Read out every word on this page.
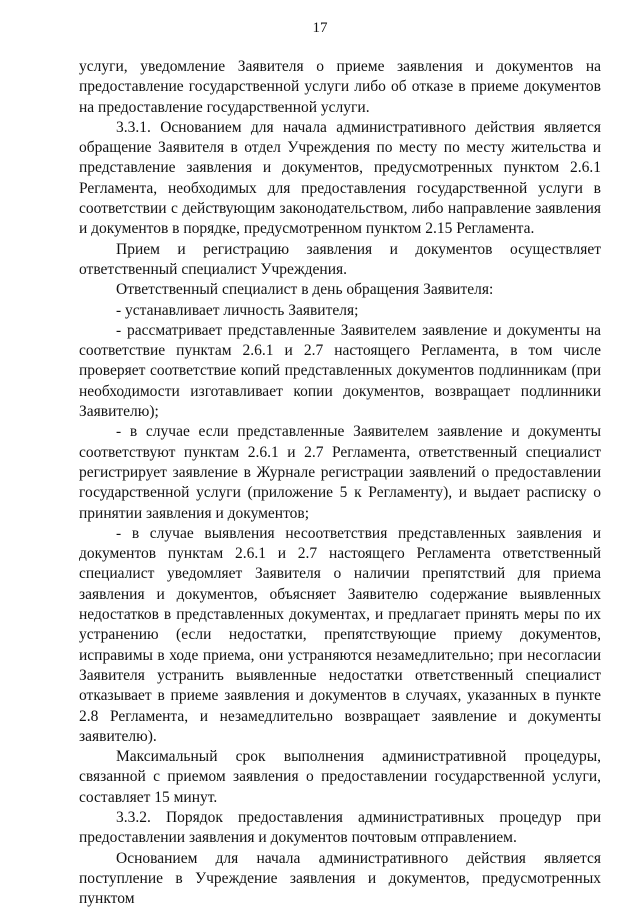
17

услуги, уведомление Заявителя о приеме заявления и документов на предоставление государственной услуги либо об отказе в приеме документов на предоставление государственной услуги.

3.3.1. Основанием для начала административного действия является обращение Заявителя в отдел Учреждения по месту по месту жительства и представление заявления и документов, предусмотренных пунктом 2.6.1 Регламента, необходимых для предоставления государственной услуги в соответствии с действующим законодательством, либо направление заявления и документов в порядке, предусмотренном пунктом 2.15 Регламента.

Прием и регистрацию заявления и документов осуществляет ответственный специалист Учреждения.

Ответственный специалист в день обращения Заявителя:

- устанавливает личность Заявителя;

- рассматривает представленные Заявителем заявление и документы на соответствие пунктам 2.6.1 и 2.7 настоящего Регламента, в том числе проверяет соответствие копий представленных документов подлинникам (при необходимости изготавливает копии документов, возвращает подлинники Заявителю);

- в случае если представленные Заявителем заявление и документы соответствуют пунктам 2.6.1 и 2.7 Регламента, ответственный специалист регистрирует заявление в Журнале регистрации заявлений о предоставлении государственной услуги (приложение 5 к Регламенту), и выдает расписку о принятии заявления и документов;

- в случае выявления несоответствия представленных заявления и документов пунктам 2.6.1 и 2.7 настоящего Регламента ответственный специалист уведомляет Заявителя о наличии препятствий для приема заявления и документов, объясняет Заявителю содержание выявленных недостатков в представленных документах, и предлагает принять меры по их устранению (если недостатки, препятствующие приему документов, исправимы в ходе приема, они устраняются незамедлительно; при несогласии Заявителя устранить выявленные недостатки ответственный специалист отказывает в приеме заявления и документов в случаях, указанных в пункте 2.8 Регламента, и незамедлительно возвращает заявление и документы заявителю).

Максимальный срок выполнения административной процедуры, связанной с приемом заявления о предоставлении государственной услуги, составляет 15 минут.

3.3.2. Порядок предоставления административных процедур при предоставлении заявления и документов почтовым отправлением.

Основанием для начала административного действия является поступление в Учреждение заявления и документов, предусмотренных пунктом
